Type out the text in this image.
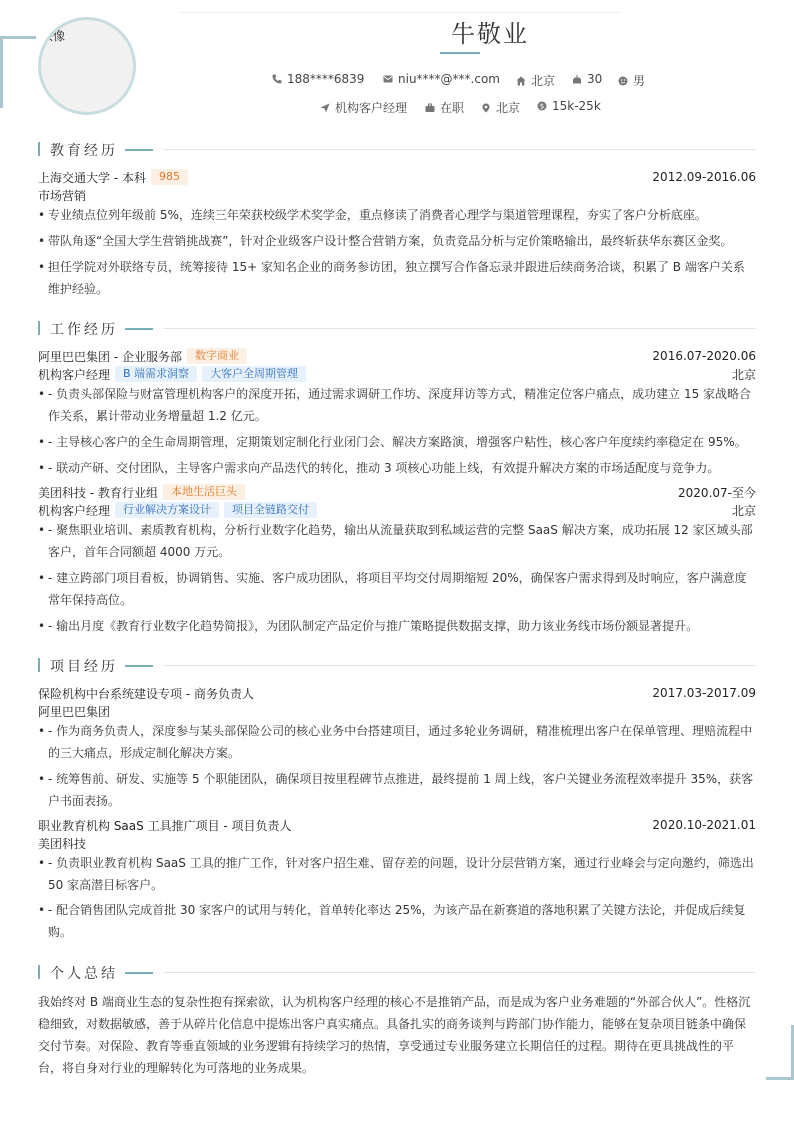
头像	牛敬业
188****6839	niu****@***.com	北京	30	男
机构客户经理	在职	北京	$ 15k-25k
教育经历
上海交通大学 - 本科	985	2012.09-2016.06
市场营销
• 专业绩点位列年级前 5%，连续三年荣获校级学术奖学金，重点修读了消费者心理学与渠道管理课程，夯实了客户分析底座。
• 带队角逐“全国大学生营销挑战赛”，针对企业级客户设计整合营销方案，负责竞品分析与定价策略输出，最终斩获华东赛区金奖。
• 担任学院对外联络专员，统筹接待 15+ 家知名企业的商务参访团，独立撰写合作备忘录并跟进后续商务洽谈，积累了 B 端客户关系维护经验。
工作经历
阿里巴巴集团 - 企业服务部	数字商业	2016.07-2020.06
机构客户经理	B 端需求洞察	大客户全周期管理	北京
• - 负责头部保险与财富管理机构客户的深度开拓，通过需求调研工作坊、深度拜访等方式，精准定位客户痛点，成功建立 15 家战略合作关系，累计带动业务增量超 1.2 亿元。
• - 主导核心客户的全生命周期管理，定期策划定制化行业闭门会、解决方案路演，增强客户粘性，核心客户年度续约率稳定在 95%。
• - 联动产研、交付团队，主导客户需求向产品迭代的转化，推动 3 项核心功能上线，有效提升解决方案的市场适配度与竞争力。
美团科技 - 教育行业组	本地生活巨头	2020.07-至今
机构客户经理	行业解决方案设计	项目全链路交付	北京
• - 聚焦职业培训、素质教育机构，分析行业数字化趋势，输出从流量获取到私域运营的完整 SaaS 解决方案，成功拓展 12 家区域头部客户，首年合同额超 4000 万元。
• - 建立跨部门项目看板，协调销售、实施、客户成功团队，将项目平均交付周期缩短 20%，确保客户需求得到及时响应，客户满意度常年保持高位。
• - 输出月度《教育行业数字化趋势简报》，为团队制定产品定价与推广策略提供数据支撑，助力该业务线市场份额显著提升。
项目经历
保险机构中台系统建设专项 - 商务负责人	2017.03-2017.09
阿里巴巴集团
• - 作为商务负责人，深度参与某头部保险公司的核心业务中台搭建项目，通过多轮业务调研，精准梳理出客户在保单管理、理赔流程中的三大痛点，形成定制化解决方案。
• - 统筹售前、研发、实施等 5 个职能团队，确保项目按里程碑节点推进，最终提前 1 周上线，客户关键业务流程效率提升 35%，获客户书面表扬。
职业教育机构 SaaS 工具推广项目 - 项目负责人	2020.10-2021.01
美团科技
• - 负责职业教育机构 SaaS 工具的推广工作，针对客户招生难、留存差的问题，设计分层营销方案，通过行业峰会与定向邀约，筛选出 50 家高潜目标客户。
• - 配合销售团队完成首批 30 家客户的试用与转化，首单转化率达 25%，为该产品在新赛道的落地积累了关键方法论，并促成后续复购。
个人总结
我始终对 B 端商业生态的复杂性抱有探索欲，认为机构客户经理的核心不是推销产品，而是成为客户业务难题的“外部合伙人”。性格沉稳细致，对数据敏感，善于从碎片化信息中提炼出客户真实痛点。具备扎实的商务谈判与跨部门协作能力，能够在复杂项目链条中确保交付节奏。对保险、教育等垂直领域的业务逻辑有持续学习的热情，享受通过专业服务建立长期信任的过程。期待在更具挑战性的平台，将自身对行业的理解转化为可落地的业务成果。
